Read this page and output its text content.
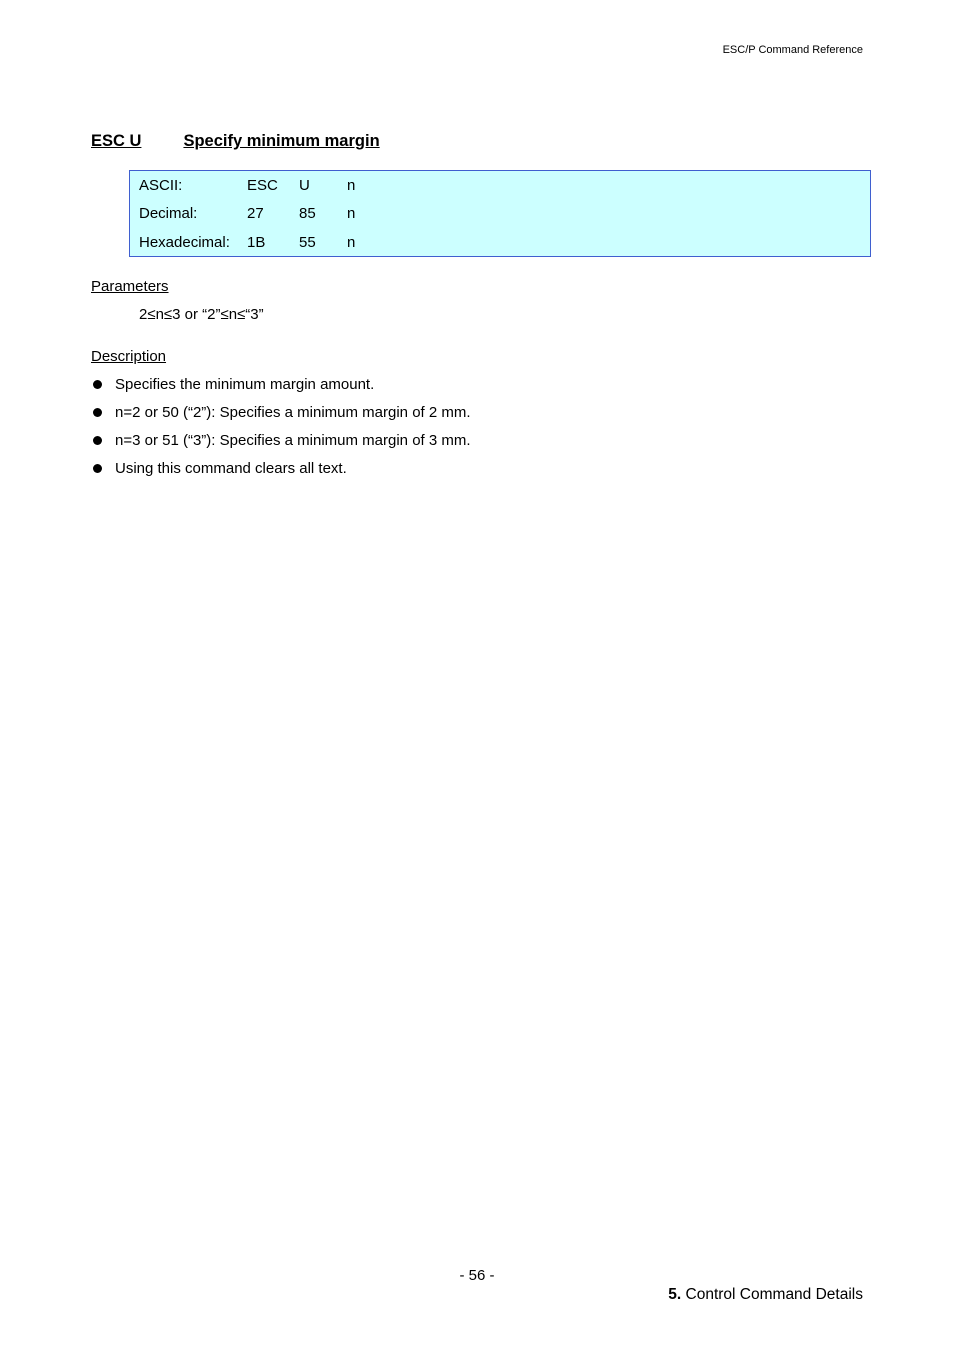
ESC/P Command Reference
ESC U	Specify minimum margin
ASCII:	ESC U n
Decimal:	27 85 n
Hexadecimal: 1B 55 n
Parameters
2≤n≤3 or “2”≤n≤“3”
Description
Specifies the minimum margin amount.
n=2 or 50 (“2”): Specifies a minimum margin of 2 mm.
n=3 or 51 (“3”): Specifies a minimum margin of 3 mm.
Using this command clears all text.
- 56 -
5. Control Command Details
